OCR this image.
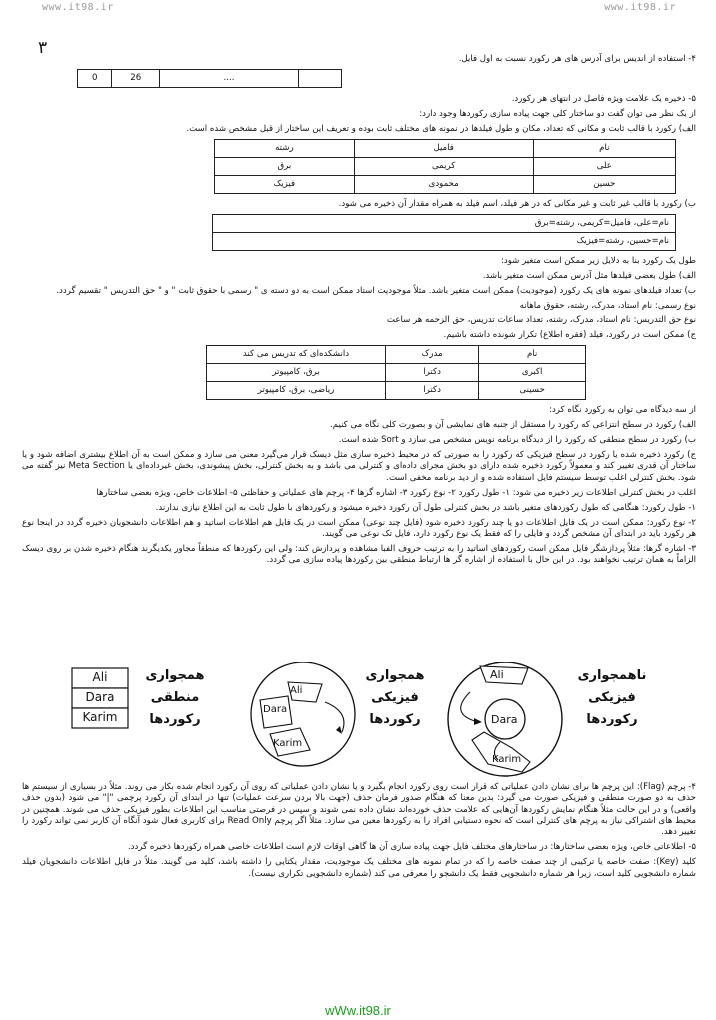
www.it98.ir	www.it98.ir
۳

۴- استفاده از اندیس برای آدرس های هر رکورد نسبت به اول فایل.

0	26	....	

۵- ذخیره یک علامت ویژه فاصل در انتهای هر رکورد.

از یک نظر می توان گفت دو ساختار کلی جهت پیاده سازی رکوردها وجود دارد:

الف) رکورد با قالب ثابت و مکانی که تعداد، مکان و طول فیلدها در نمونه های مختلف ثابت بوده و تعریف این ساختار از قبل مشخص شده است.

نام	فامیل	رشته
علی	کریمی	برق
حسین	محمودی	فیزیک

ب) رکورد با قالب غیر ثابت و غیر مکانی که در هر فیلد، اسم فیلد به همراه مقدار آن ذخیره می شود.

نام=علی، فامیل=کریمی، رشته=برق
نام=حسین، رشته=فیزیک

طول یک رکورد بنا به دلایل زیر ممکن است متغیر شود:

الف) طول بعضی فیلدها مثل آدرس ممکن است متغیر باشد.

ب) تعداد فیلدهای نمونه های یک رکورد (موجودیت) ممکن است متغیر باشد. مثلاً موجودیت استاد ممکن است به دو دسته ی " رسمی با حقوق ثابت " و " حق التدریس " تقسیم گردد.

نوع رسمی: نام استاد، مدرک، رشته، حقوق ماهانه

نوع حق التدریس: نام استاد، مدرک، رشته، تعداد ساعات تدریس، حق الزحمه هر ساعت

ج) ممکن است در رکورد، فیلد (فقره اطلاع) تکرار شونده داشته باشیم.

نام	مدرک	دانشکده‌ای که تدریس می کند
اکبری	دکترا	برق، کامپیوتر
حسینی	دکترا	ریاضی، برق، کامپیوتر

از سه دیدگاه می توان به رکورد نگاه کرد:

الف) رکورد در سطح انتزاعی که رکورد را مستقل از جنبه های نمایشی آن و بصورت کلی نگاه می کنیم.

ب) رکورد در سطح منطقی که رکورد را از دیدگاه برنامه نویس مشخص می سازد و Sort شده است.

ج) رکورد ذخیره شده یا رکورد در سطح فیزیکی که رکورد را به صورتی که در محیط ذخیره سازی مثل دیسک قرار می‌گیرد معنی می سازد و ممکن است به آن اطلاع بیشتری اضافه شود و یا ساختار آن قدری تغییر کند و معمولاً رکورد ذخیره شده دارای دو بخش مجرای داده‌ای و کنترلی می باشد و به بخش کنترلی، بخش پیشوندی، بخش غیرداده‌ای یا Meta Section نیز گفته می شود. بخش کنترلی اغلب توسط سیستم فایل استفاده شده و از دید برنامه مخفی است.

اغلب در بخش کنترلی اطلاعات زیر ذخیره می شود: ۱- طول رکورد ۲- نوع رکورد ۳- اشاره گرها ۴- پرچم های عملیاتی و حفاظتی ۵- اطلاعات خاص، ویژه بعضی ساختارها

۱- طول رکورد: هنگامی که طول رکوردهای متغیر باشد در بخش کنترلی طول آن رکورد ذخیره میشود و رکوردهای با طول ثابت به این اطلاع نیازی ندارند.

۲- نوع رکورد: ممکن است در یک فایل اطلاعات دو یا چند رکورد ذخیره شود (فایل چند نوعی) ممکن است در یک فایل هم اطلاعات اساتید و هم اطلاعات دانشجویان ذخیره گردد در اینجا نوع هر رکورد باید در ابتدای آن مشخص گردد و فایلی را که فقط یک نوع رکورد دارد، فایل تک نوعی می گویند.

۳- اشاره گرها: مثلاً پردازشگر فایل ممکن است رکوردهای اساتید را به ترتیب حروف الفبا مشاهده و پردازش کند: ولی این رکوردها که منطقاً مجاور یکدیگرند هنگام ذخیره شدن بر روی دیسک الزاماً به همان ترتیب نخواهند بود. در این حال با استفاده از اشاره گر ها ارتباط منطقی بین رکوردها پیاده سازی می گردد.

Ali
Dara
Karim
همجواری
منطقی
رکوردها
Ali
Dara
Karim
همجواری
فیزیکی
رکوردها
Ali
Dara
Karim
ناهمجواری
فیزیکی
رکوردها

۴- پرچم (Flag): این پرچم ها برای نشان دادن عملیاتی که قرار است روی رکورد انجام بگیرد و یا نشان دادن عملیاتی که روی آن رکورد انجام شده بکار می روند. مثلاً در بسیاری از سیستم ها حذف به دو صورت منطقی و فیزیکی صورت می گیرد: بدین معنا که هنگام صدور فرمان حذف (جهت بالا بردن سرعت عملیات) تنها در ابتدای آن رکورد پرچمی "|" می شود (بدون حذف واقعی) و در این حالت مثلاً هنگام نمایش رکوردها آن‌هایی که علامت حذف خورده‌اند نشان داده نمی شوند و سپس در فرصتی مناسب این اطلاعات بطور فیزیکی حذف می شوند. همچنین در محیط های اشتراکی نیاز به پرچم های کنترلی است که نحوه دستیابی افراد را به رکوردها معین می سازد. مثلاً اگر پرچم Read Only برای کاربری فعال شود آنگاه آن کاربر نمی تواند رکورد را تغییر دهد.

۵- اطلاعاتی خاص، ویژه بعضی ساختارها: در ساختارهای مختلف فایل جهت پیاده سازی آن ها گاهی اوقات لازم است اطلاعات خاصی همراه رکوردها ذخیره گردد.

کلید (Key): صفت خاصه یا ترکیبی از چند صفت خاصه را که در تمام نمونه های مختلف یک موجودیت، مقدار یکتایی را داشته باشد، کلید می گویند. مثلاً در فایل اطلاعات دانشجویان فیلد شماره دانشجویی کلید است، زیرا هر شماره دانشجویی فقط یک دانشجو را معرفی می کند (شماره دانشجویی تکراری نیست).

wWw.it98.ir
